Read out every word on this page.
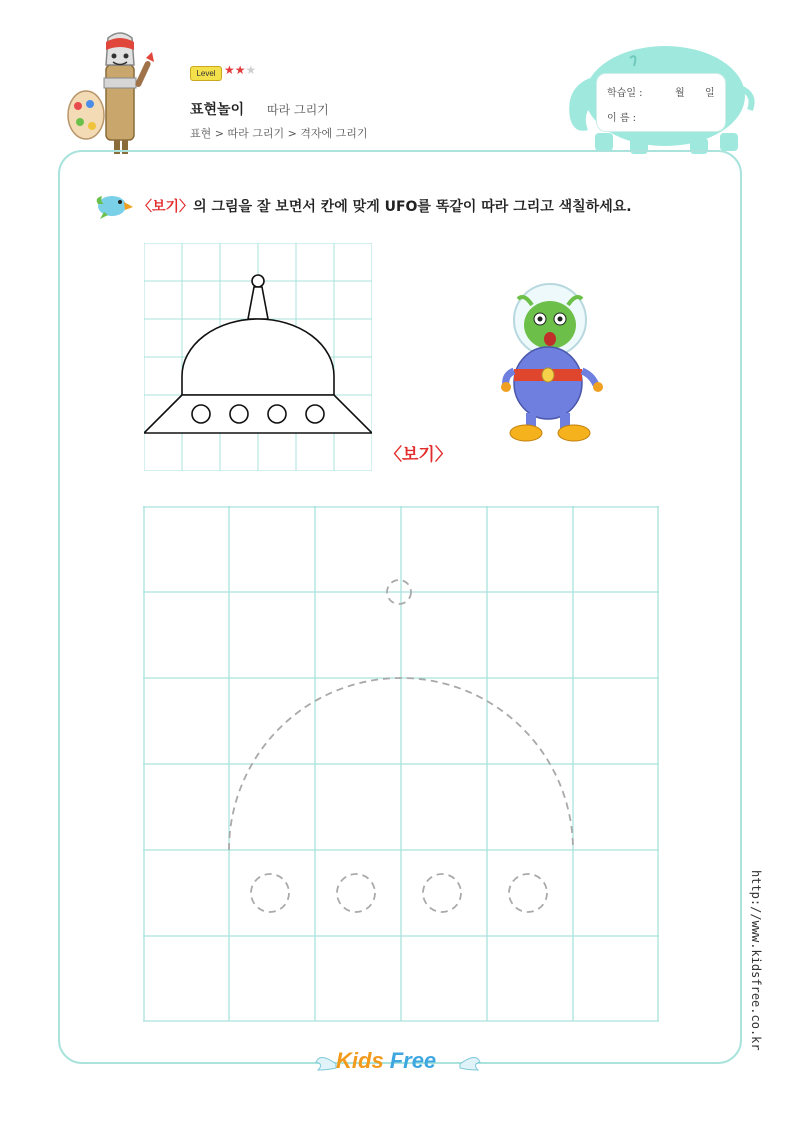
Level ★★★
표현놀이 따라 그리기
표현 > 따라 그리기 > 격자에 그리기
학습일 :	월 일
이 름 :
〈보기〉의 그림을 잘 보면서 칸에 맞게 UFO를 똑같이 따라 그리고 색칠하세요.
〈보기〉
http://www.kidsfree.co.kr
Kids Free
